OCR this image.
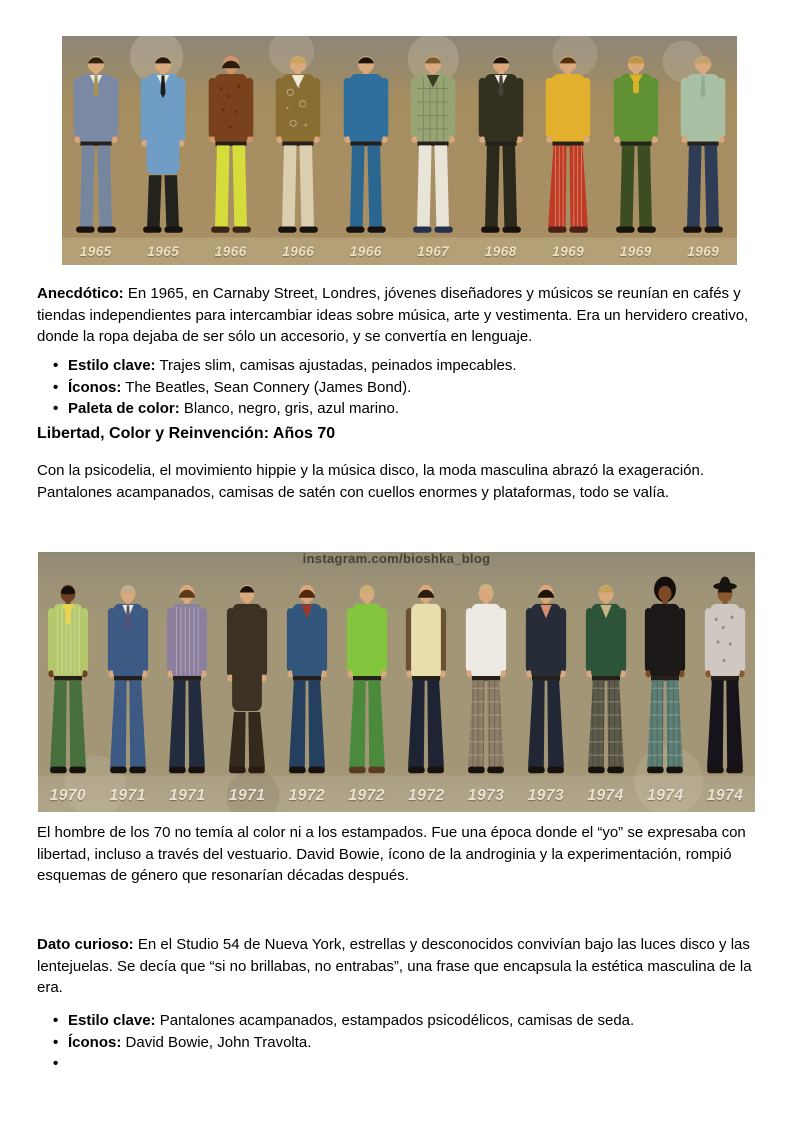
1965	1965	1966	1966	1966	1967	1968	1969	1969	1969

Anecdótico: En 1965, en Carnaby Street, Londres, jóvenes diseñadores y músicos se reunían en cafés y tiendas independientes para intercambiar ideas sobre música, arte y vestimenta. Era un hervidero creativo, donde la ropa dejaba de ser sólo un accesorio, y se convertía en lenguaje.

• Estilo clave: Trajes slim, camisas ajustadas, peinados impecables.
• Íconos: The Beatles, Sean Connery (James Bond).
• Paleta de color: Blanco, negro, gris, azul marino.

Libertad, Color y Reinvención: Años 70

Con la psicodelia, el movimiento hippie y la música disco, la moda masculina abrazó la exageración. Pantalones acampanados, camisas de satén con cuellos enormes y plataformas, todo se valía.

instagram.com/bioshka_blog
1970 1971 1971 1971 1972 1972 1972 1973 1973 1974 1974 1974

El hombre de los 70 no temía al color ni a los estampados. Fue una época donde el “yo” se expresaba con libertad, incluso a través del vestuario. David Bowie, ícono de la androginia y la experimentación, rompió esquemas de género que resonarían décadas después.

Dato curioso: En el Studio 54 de Nueva York, estrellas y desconocidos convivían bajo las luces disco y las lentejuelas. Se decía que “si no brillabas, no entrabas”, una frase que encapsula la estética masculina de la era.

• Estilo clave: Pantalones acampanados, estampados psicodélicos, camisas de seda.
• Íconos: David Bowie, John Travolta.
•
